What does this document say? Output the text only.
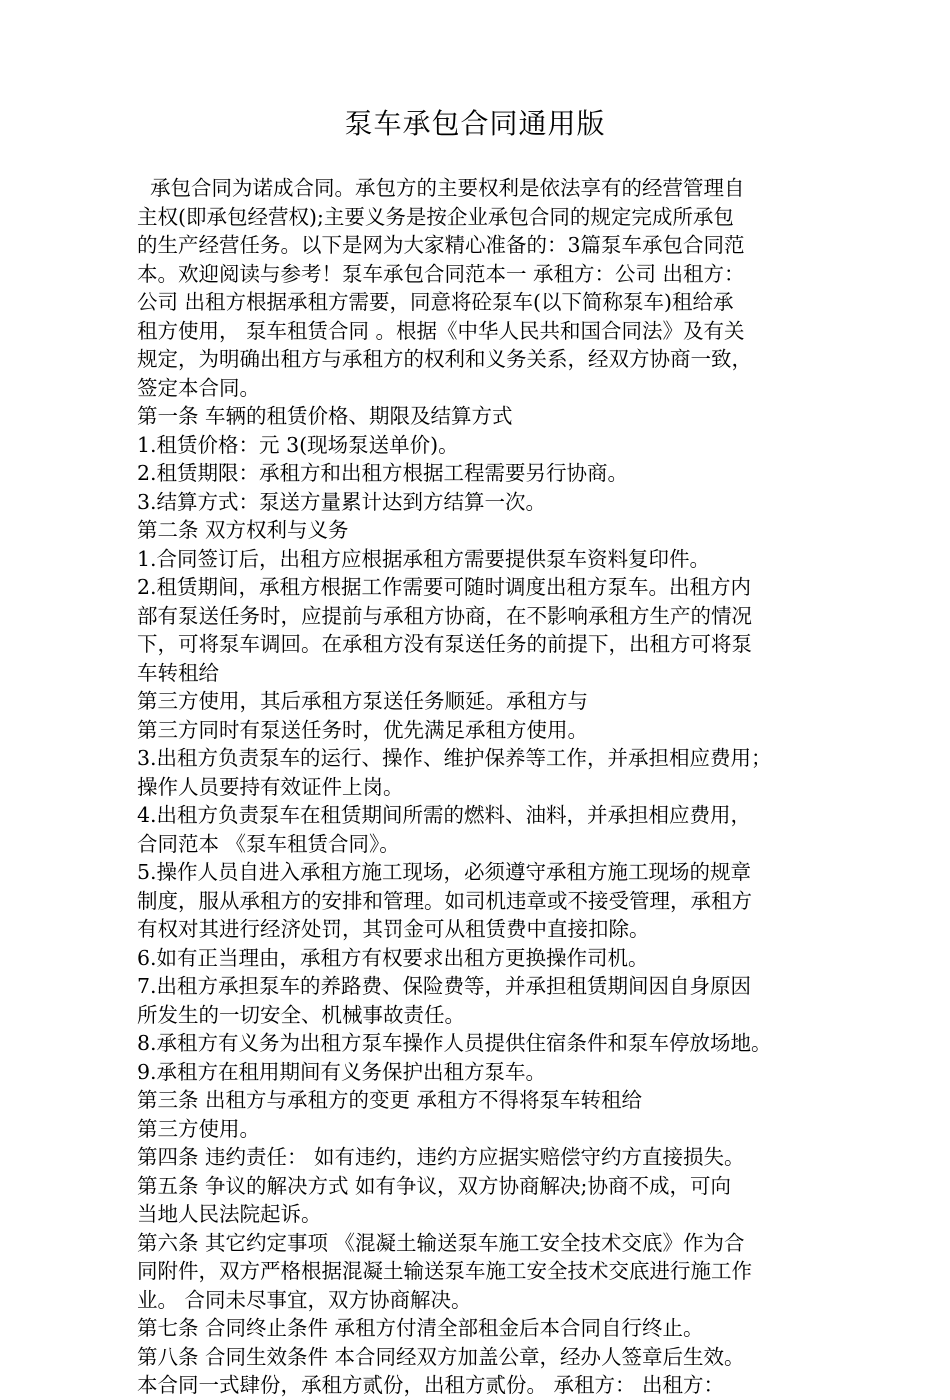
泵车承包合同通用版
承包合同为诺成合同。承包方的主要权利是依法享有的经营管理自
主权(即承包经营权);主要义务是按企业承包合同的规定完成所承包
的生产经营任务。以下是网为大家精心准备的：3篇泵车承包合同范
本。欢迎阅读与参考！泵车承包合同范本一 承租方：公司 出租方：
公司 出租方根据承租方需要，同意将砼泵车(以下简称泵车)租给承
租方使用， 泵车租赁合同 。根据《中华人民共和国合同法》及有关
规定，为明确出租方与承租方的权利和义务关系，经双方协商一致，
签定本合同。
第一条 车辆的租赁价格、期限及结算方式
1.租赁价格：元 3(现场泵送单价)。
2.租赁期限：承租方和出租方根据工程需要另行协商。
3.结算方式：泵送方量累计达到方结算一次。
第二条 双方权利与义务
1.合同签订后，出租方应根据承租方需要提供泵车资料复印件。
2.租赁期间，承租方根据工作需要可随时调度出租方泵车。出租方内
部有泵送任务时，应提前与承租方协商，在不影响承租方生产的情况
下，可将泵车调回。在承租方没有泵送任务的前提下，出租方可将泵
车转租给
第三方使用，其后承租方泵送任务顺延。承租方与
第三方同时有泵送任务时，优先满足承租方使用。
3.出租方负责泵车的运行、操作、维护保养等工作，并承担相应费用；
操作人员要持有效证件上岗。
4.出租方负责泵车在租赁期间所需的燃料、油料，并承担相应费用，
合同范本 《泵车租赁合同》。
5.操作人员自进入承租方施工现场，必须遵守承租方施工现场的规章
制度，服从承租方的安排和管理。如司机违章或不接受管理，承租方
有权对其进行经济处罚，其罚金可从租赁费中直接扣除。
6.如有正当理由，承租方有权要求出租方更换操作司机。
7.出租方承担泵车的养路费、保险费等，并承担租赁期间因自身原因
所发生的一切安全、机械事故责任。
8.承租方有义务为出租方泵车操作人员提供住宿条件和泵车停放场地。
9.承租方在租用期间有义务保护出租方泵车。
第三条 出租方与承租方的变更 承租方不得将泵车转租给
第三方使用。
第四条 违约责任： 如有违约，违约方应据实赔偿守约方直接损失。
第五条 争议的解决方式 如有争议，双方协商解决;协商不成，可向
当地人民法院起诉。
第六条 其它约定事项 《混凝土输送泵车施工安全技术交底》作为合
同附件，双方严格根据混凝土输送泵车施工安全技术交底进行施工作
业。 合同未尽事宜，双方协商解决。
第七条 合同终止条件 承租方付清全部租金后本合同自行终止。
第八条 合同生效条件 本合同经双方加盖公章，经办人签章后生效。
本合同一式肆份，承租方贰份，出租方贰份。 承租方： 出租方：
